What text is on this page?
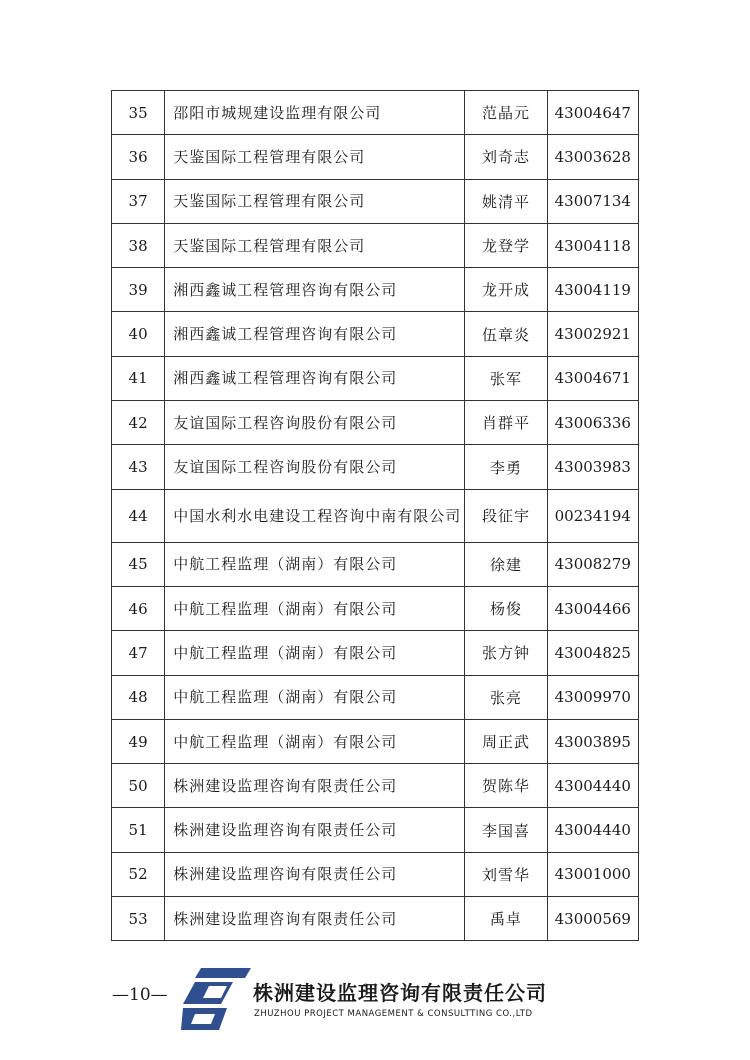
35	邵阳市城规建设监理有限公司	范晶元	43004647
36	天鉴国际工程管理有限公司	刘奇志	43003628
37	天鉴国际工程管理有限公司	姚清平	43007134
38	天鉴国际工程管理有限公司	龙登学	43004118
39	湘西鑫诚工程管理咨询有限公司	龙开成	43004119
40	湘西鑫诚工程管理咨询有限公司	伍章炎	43002921
41	湘西鑫诚工程管理咨询有限公司	张军	43004671
42	友谊国际工程咨询股份有限公司	肖群平	43006336
43	友谊国际工程咨询股份有限公司	李勇	43003983
44	中国水利水电建设工程咨询中南有限公司	段征宇	00234194
45	中航工程监理（湖南）有限公司	徐建	43008279
46	中航工程监理（湖南）有限公司	杨俊	43004466
47	中航工程监理（湖南）有限公司	张方钟	43004825
48	中航工程监理（湖南）有限公司	张亮	43009970
49	中航工程监理（湖南）有限公司	周正武	43003895
50	株洲建设监理咨询有限责任公司	贺陈华	43004440
51	株洲建设监理咨询有限责任公司	李国喜	43004440
52	株洲建设监理咨询有限责任公司	刘雪华	43001000
53	株洲建设监理咨询有限责任公司	禹卓	43000569
—10—	株洲建设监理咨询有限责任公司
ZHUZHOU PROJECT MANAGEMENT & CONSULTTING CO.,LTD
